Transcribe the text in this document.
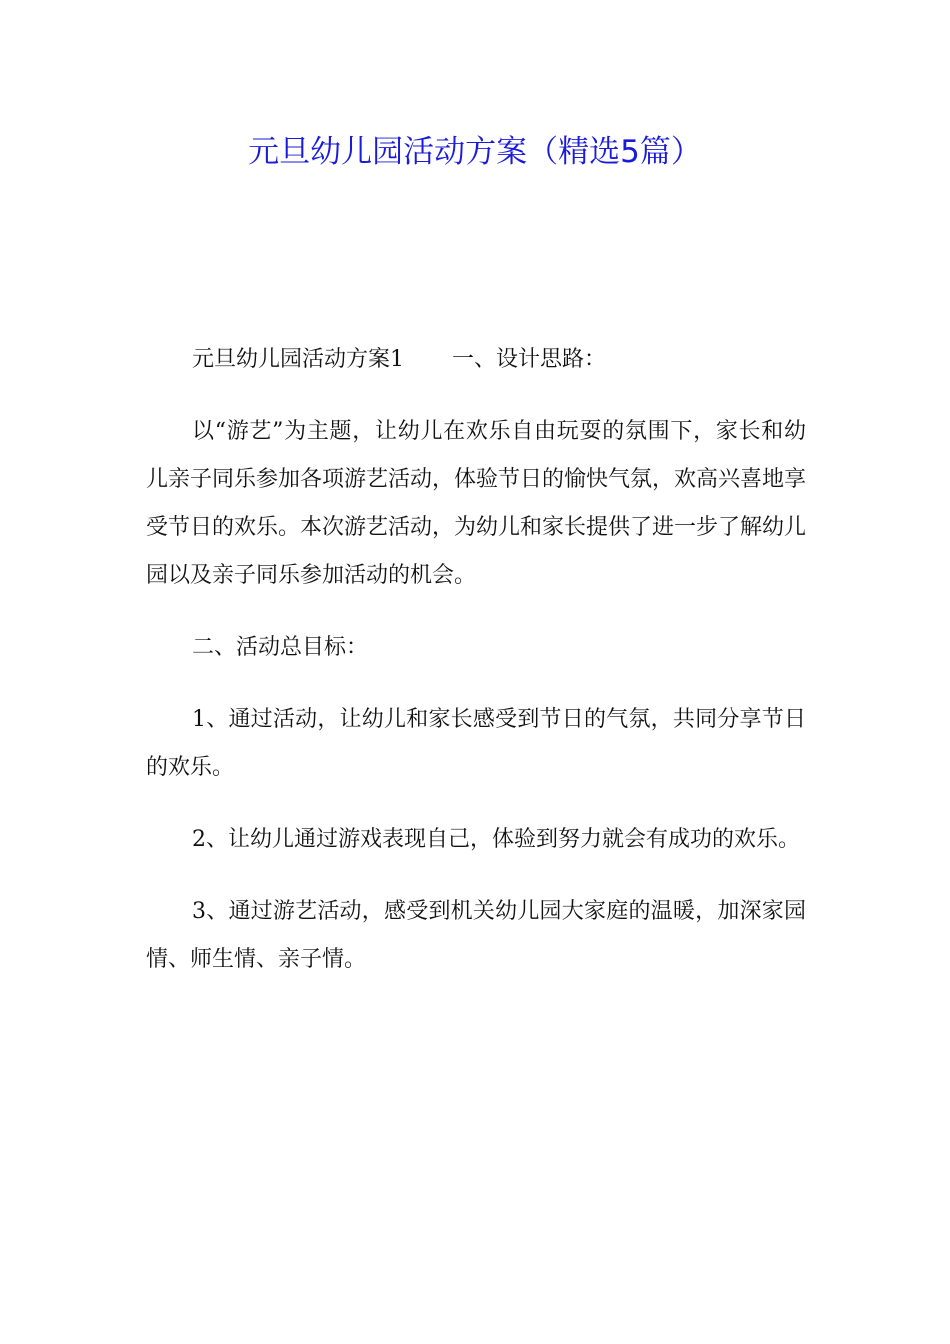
元旦幼儿园活动方案（精选5篇）

元旦幼儿园活动方案1 一、设计思路：

以“游艺”为主题，让幼儿在欢乐自由玩耍的氛围下，家长和幼儿亲子同乐参加各项游艺活动，体验节日的愉快气氛，欢高兴喜地享受节日的欢乐。本次游艺活动，为幼儿和家长提供了进一步了解幼儿园以及亲子同乐参加活动的机会。

二、活动总目标：

1、通过活动，让幼儿和家长感受到节日的气氛，共同分享节日的欢乐。

2、让幼儿通过游戏表现自己，体验到努力就会有成功的欢乐。

3、通过游艺活动，感受到机关幼儿园大家庭的温暖，加深家园情、师生情、亲子情。
